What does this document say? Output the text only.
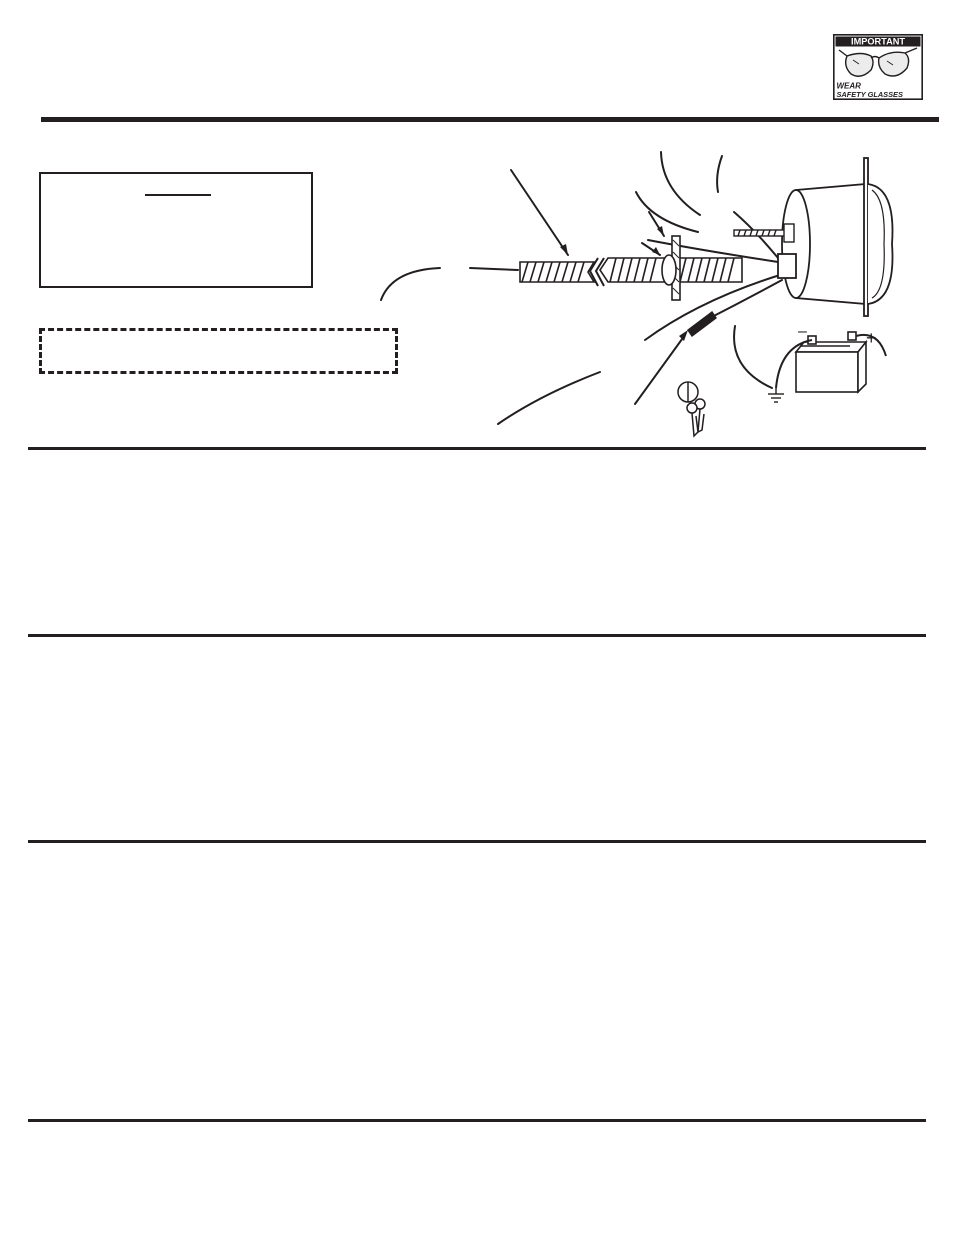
IMPORTANT
WEAR
SAFETY GLASSES
–	+
